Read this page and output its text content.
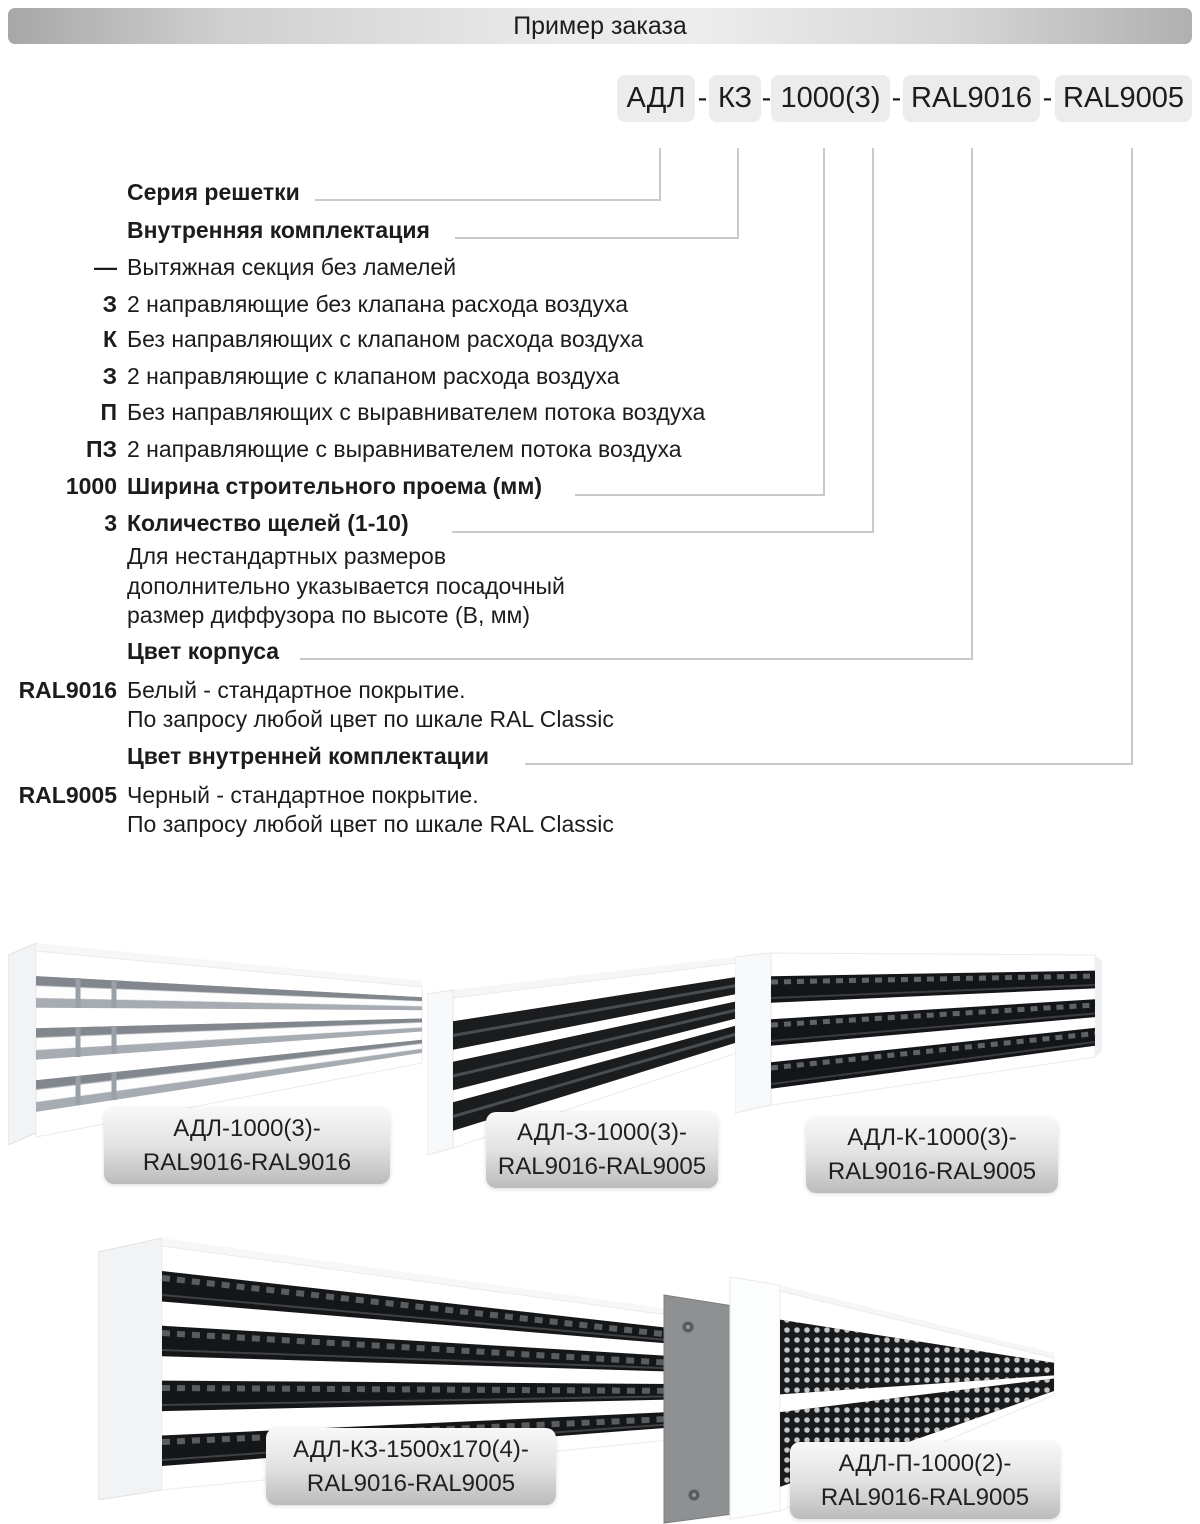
Пример заказа
АДЛ - КЗ - 1000(3) - RAL9016 - RAL9005
Серия решетки
Внутренняя комплектация
— Вытяжная секция без ламелей
З 2 направляющие без клапана расхода воздуха
К Без направляющих с клапаном расхода воздуха
З 2 направляющие с клапаном расхода воздуха
П Без направляющих с выравнивателем потока воздуха
ПЗ 2 направляющие с выравнивателем потока воздуха
1000 Ширина строительного проема (мм)
3 Количество щелей (1-10)
Для нестандартных размеров
дополнительно указывается посадочный
размер диффузора по высоте (В, мм)
Цвет корпуса
RAL9016 Белый - стандартное покрытие.
По запросу любой цвет по шкале RAL Classic
Цвет внутренней комплектации
RAL9005 Черный - стандартное покрытие.
По запросу любой цвет по шкале RAL Classic
АДЛ-1000(3)-
RAL9016-RAL9016
АДЛ-З-1000(3)-
RAL9016-RAL9005
АДЛ-К-1000(3)-
RAL9016-RAL9005
АДЛ-КЗ-1500х170(4)-
RAL9016-RAL9005
АДЛ-П-1000(2)-
RAL9016-RAL9005
